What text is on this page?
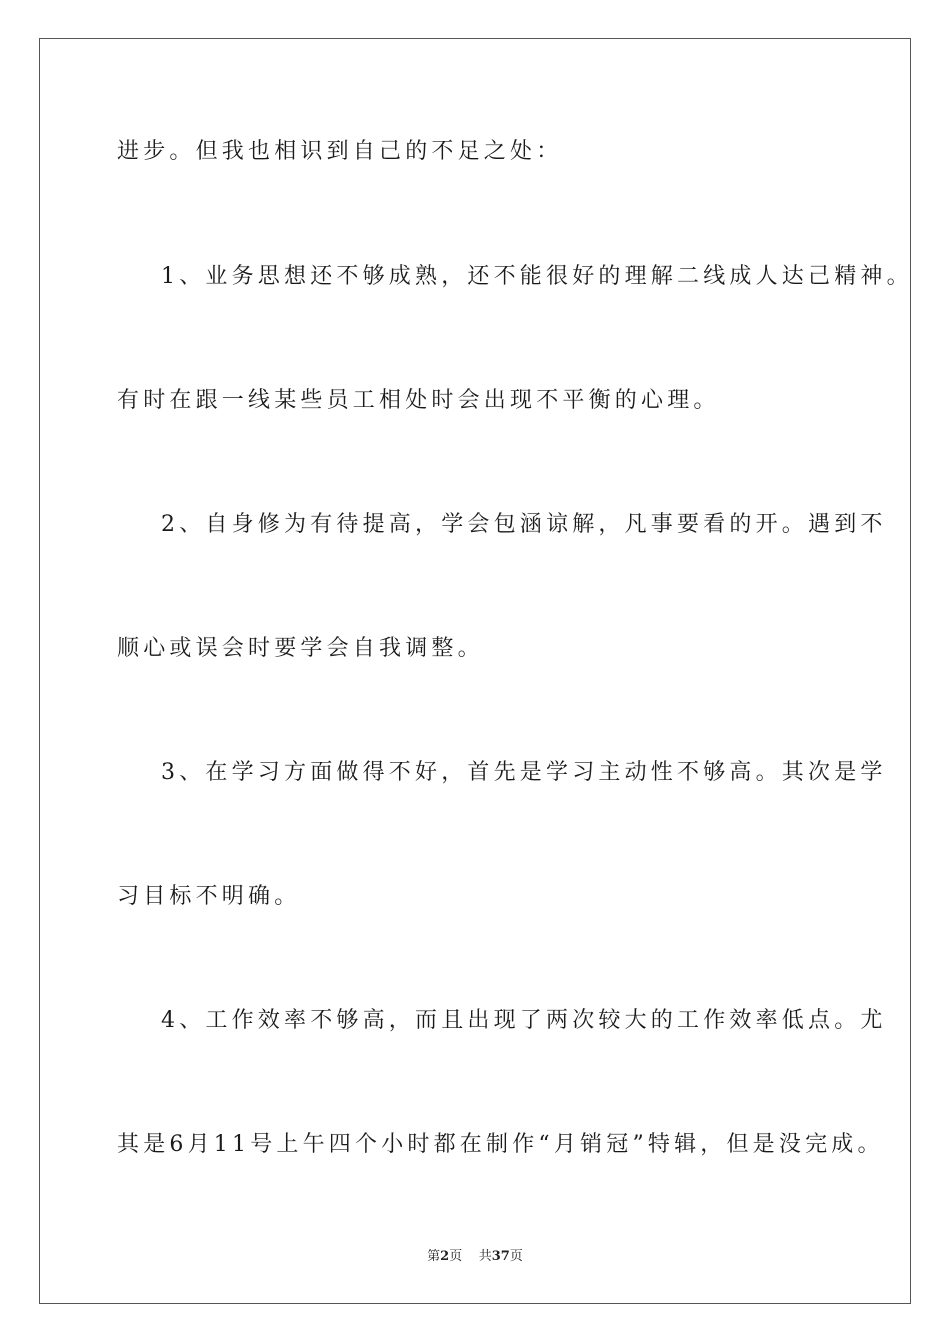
进步。但我也相识到自己的不足之处：
1、业务思想还不够成熟，还不能很好的理解二线成人达己精神。
有时在跟一线某些员工相处时会出现不平衡的心理。
2、自身修为有待提高，学会包涵谅解，凡事要看的开。遇到不
顺心或误会时要学会自我调整。
3、在学习方面做得不好，首先是学习主动性不够高。其次是学
习目标不明确。
4、工作效率不够高，而且出现了两次较大的工作效率低点。尤
其是6月11号上午四个小时都在制作“月销冠”特辑，但是没完成。
第2页 共37页
